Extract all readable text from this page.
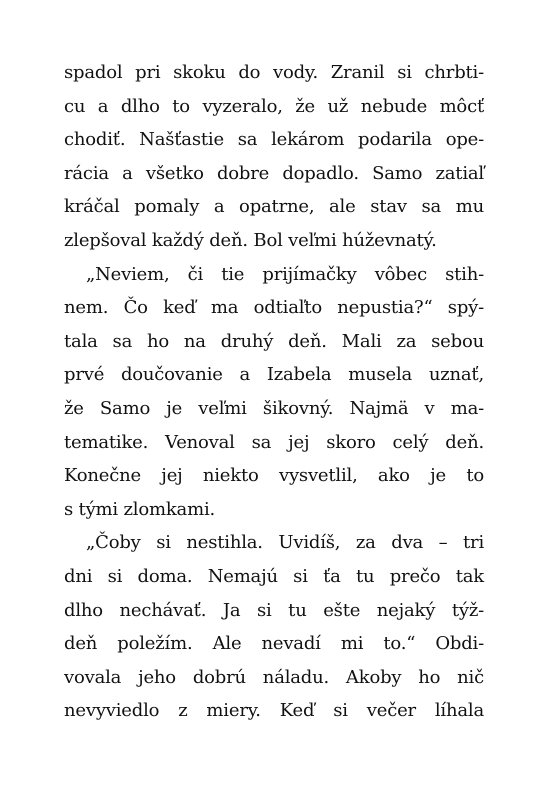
spadol pri skoku do vody. Zranil si chrbti-
cu a dlho to vyzeralo, že už nebude môcť
chodiť. Našťastie sa lekárom podarila ope-
rácia a všetko dobre dopadlo. Samo zatiaľ
kráčal pomaly a opatrne, ale stav sa mu
zlepšoval každý deň. Bol veľmi húževnatý.
„Neviem, či tie prijímačky vôbec stih-
nem. Čo keď ma odtiaľto nepustia?“ spý-
tala sa ho na druhý deň. Mali za sebou
prvé doučovanie a Izabela musela uznať,
že Samo je veľmi šikovný. Najmä v ma-
tematike. Venoval sa jej skoro celý deň.
Konečne jej niekto vysvetlil, ako je to
s tými zlomkami.
„Čoby si nestihla. Uvidíš, za dva – tri
dni si doma. Nemajú si ťa tu prečo tak
dlho nechávať. Ja si tu ešte nejaký týž-
deň poležím. Ale nevadí mi to.“ Obdi-
vovala jeho dobrú náladu. Akoby ho nič
nevyviedlo z miery. Keď si večer líhala
